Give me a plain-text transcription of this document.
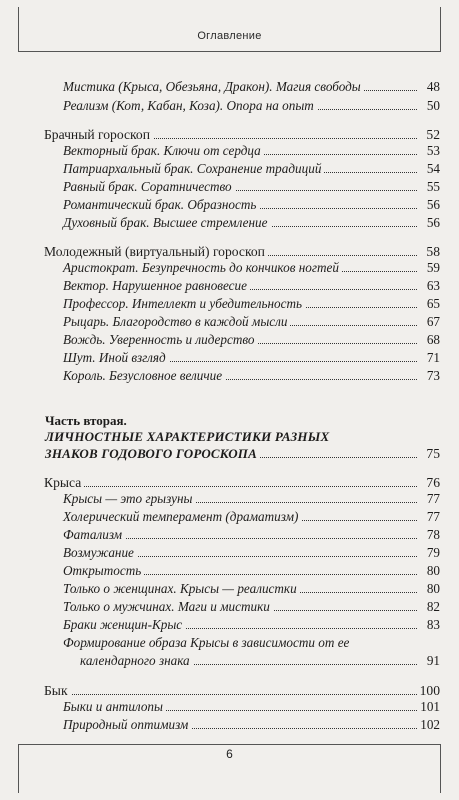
Оглавление
Мистика (Крыса, Обезьяна, Дракон). Магия свободы	48
Реализм (Кот, Кабан, Коза). Опора на опыт	50
Брачный гороскоп	52
Векторный брак. Ключи от сердца	53
Патриархальный брак. Сохранение традиций	54
Равный брак. Соратничество	55
Романтический брак. Образность	56
Духовный брак. Высшее стремление	56
Молодежный (виртуальный) гороскоп	58
Аристократ. Безупречность до кончиков ногтей	59
Вектор. Нарушенное равновесие	63
Профессор. Интеллект и убедительность	65
Рыцарь. Благородство в каждой мысли	67
Вождь. Уверенность и лидерство	68
Шут. Иной взгляд	71
Король. Безусловное величие	73
Часть вторая.
ЛИЧНОСТНЫЕ ХАРАКТЕРИСТИКИ РАЗНЫХ
ЗНАКОВ ГОДОВОГО ГОРОСКОПА	75
Крыса	76
Крысы — это грызуны	77
Холерический темперамент (драматизм)	77
Фатализм	78
Возмужание	79
Открытость	80
Только о женщинах. Крысы — реалистки	80
Только о мужчинах. Маги и мистики	82
Браки женщин-Крыс	83
Формирование образа Крысы в зависимости от ее
календарного знака	91
Бык	100
Быки и антилопы	101
Природный оптимизм	102
6
